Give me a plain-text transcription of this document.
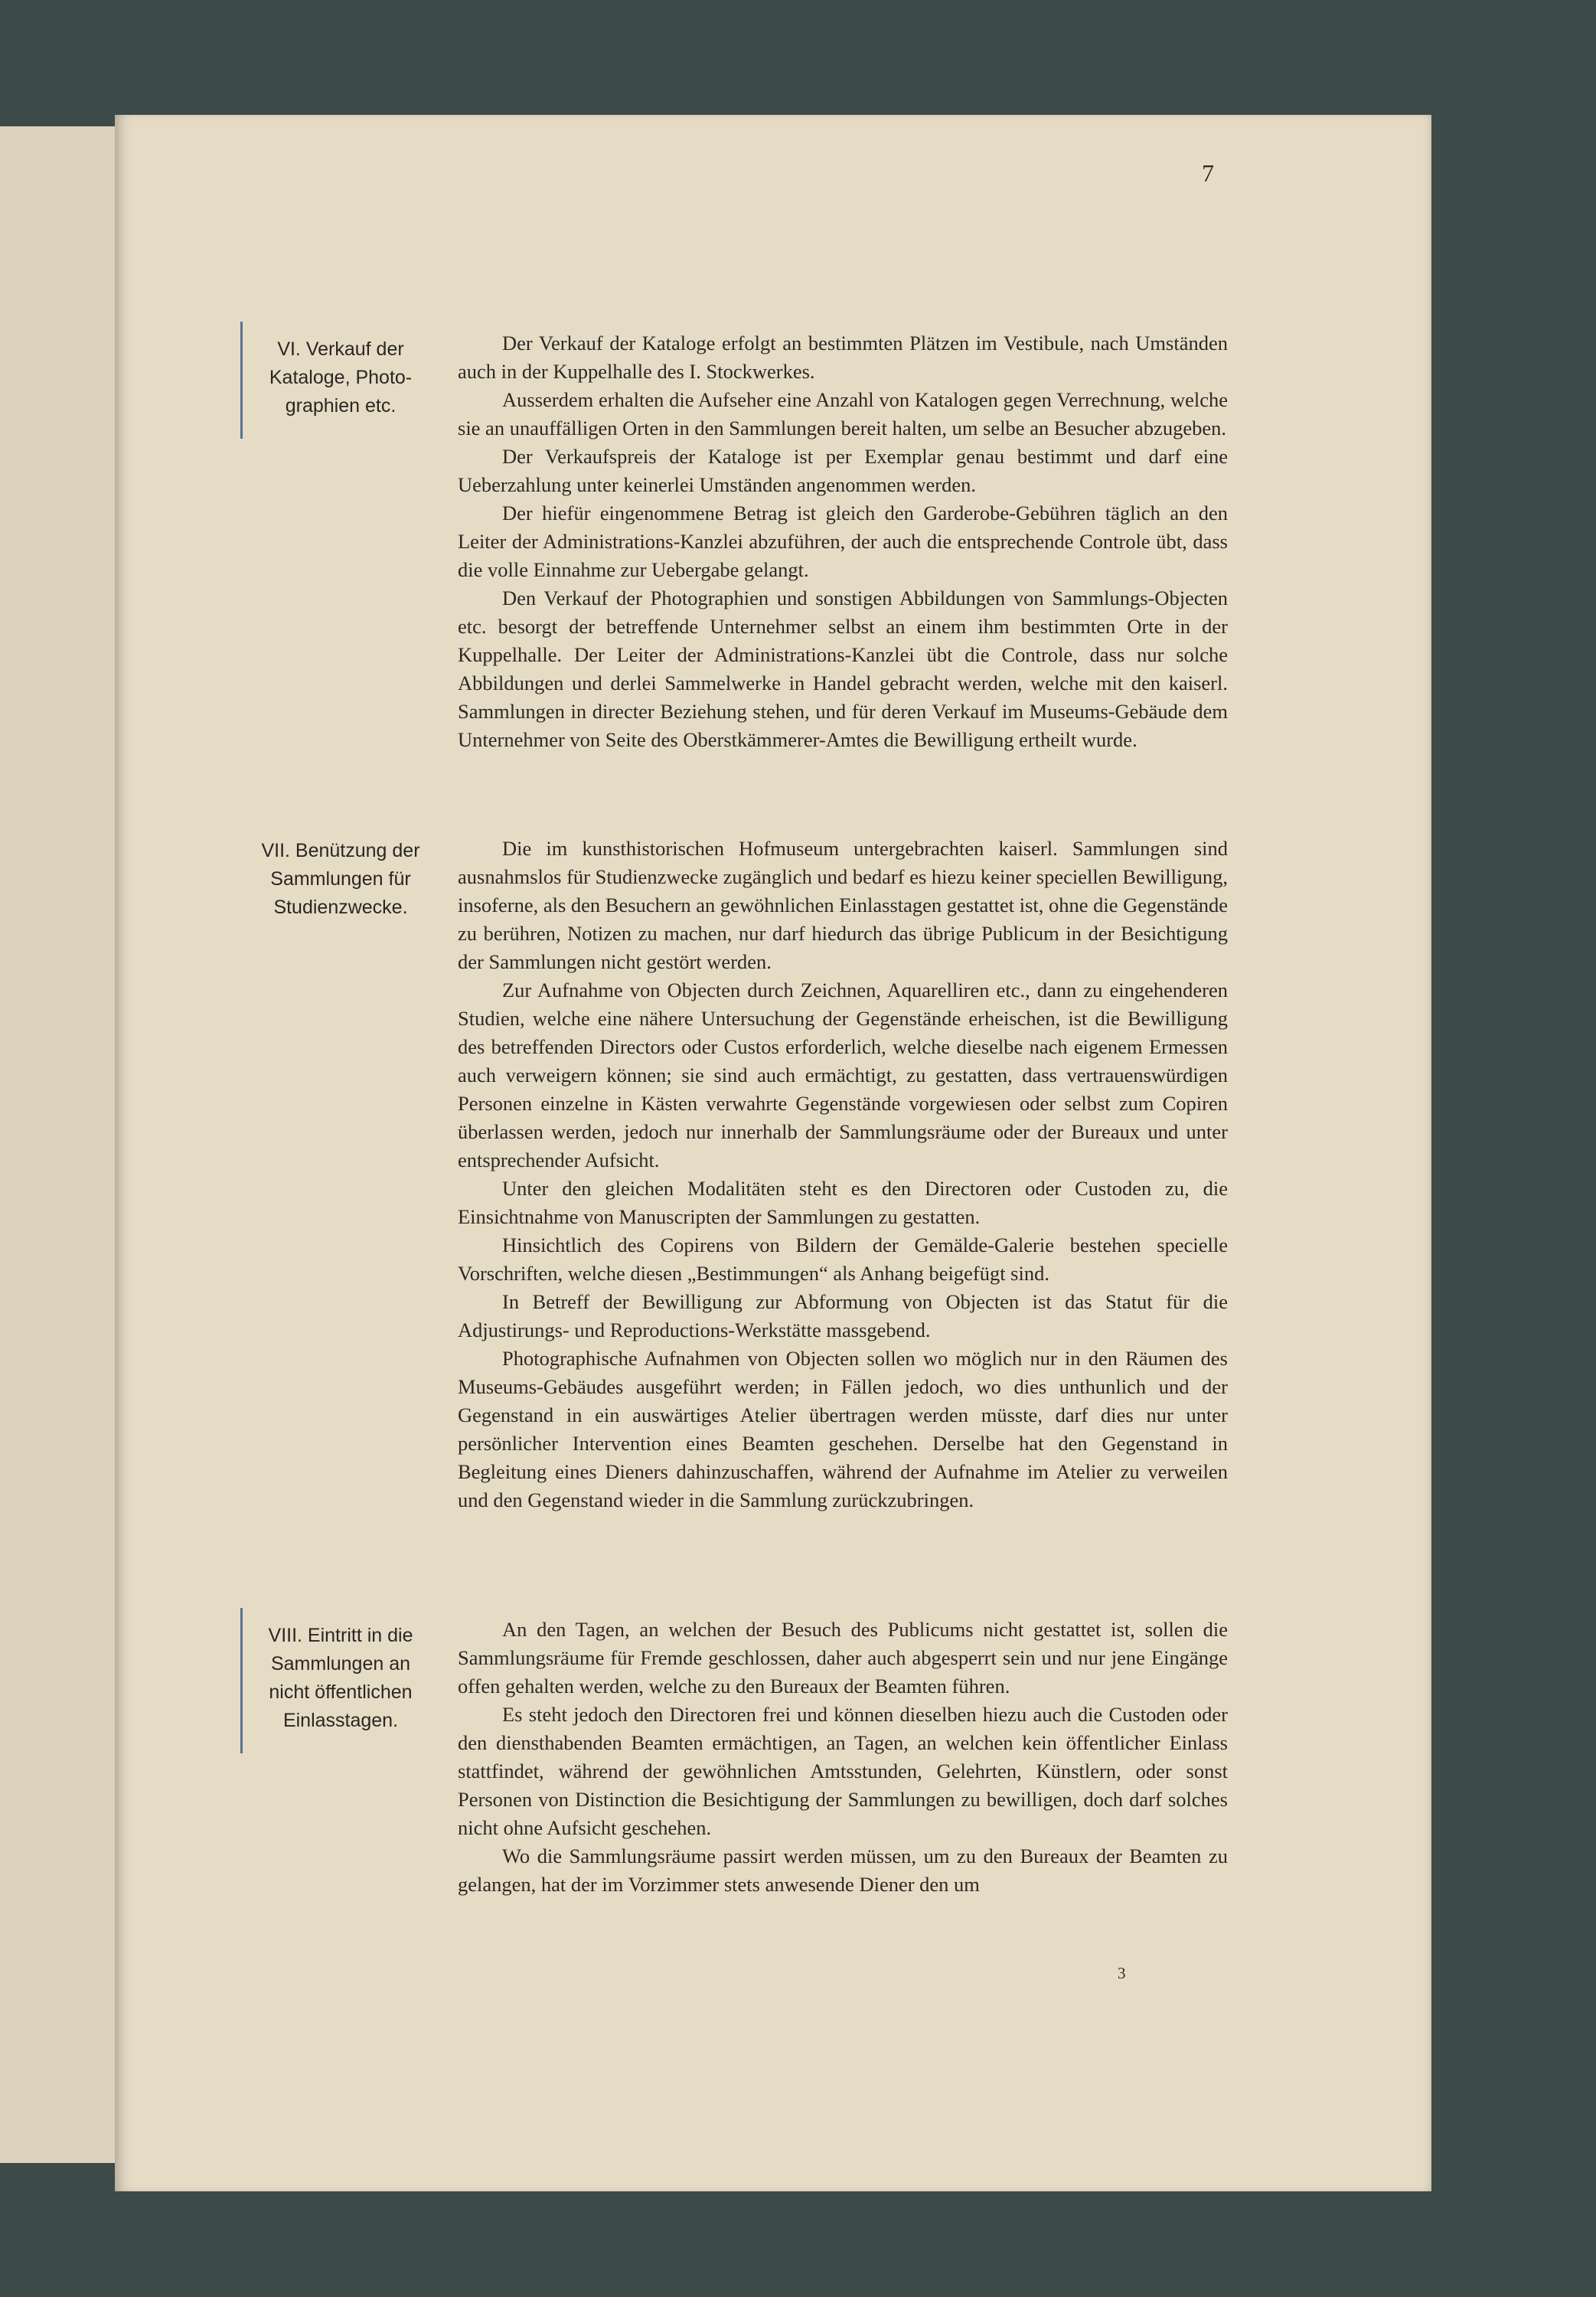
7
VI. Verkauf der
Kataloge, Photo-
graphien etc.

Der Verkauf der Kataloge erfolgt an bestimmten Plätzen im Vestibule, nach Umständen auch in der Kuppelhalle des I. Stockwerkes.

Ausserdem erhalten die Aufseher eine Anzahl von Katalogen gegen Verrechnung, welche sie an unauffälligen Orten in den Sammlungen bereit halten, um selbe an Besucher abzugeben.

Der Verkaufspreis der Kataloge ist per Exemplar genau bestimmt und darf eine Ueberzahlung unter keinerlei Umständen angenommen werden.

Der hiefür eingenommene Betrag ist gleich den Garderobe-Gebühren täglich an den Leiter der Administrations-Kanzlei abzuführen, der auch die entsprechende Controle übt, dass die volle Einnahme zur Uebergabe gelangt.

Den Verkauf der Photographien und sonstigen Abbildungen von Sammlungs-Objecten etc. besorgt der betreffende Unternehmer selbst an einem ihm bestimmten Orte in der Kuppelhalle. Der Leiter der Administrations-Kanzlei übt die Controle, dass nur solche Abbildungen und derlei Sammelwerke in Handel gebracht werden, welche mit den kaiserl. Sammlungen in directer Beziehung stehen, und für deren Verkauf im Museums-Gebäude dem Unternehmer von Seite des Oberstkämmerer-Amtes die Bewilligung ertheilt wurde.

VII. Benützung der
Sammlungen für
Studienzwecke.

Die im kunsthistorischen Hofmuseum untergebrachten kaiserl. Sammlungen sind ausnahmslos für Studienzwecke zugänglich und bedarf es hiezu keiner speciellen Bewilligung, insoferne, als den Besuchern an gewöhnlichen Einlasstagen gestattet ist, ohne die Gegenstände zu berühren, Notizen zu machen, nur darf hiedurch das übrige Publicum in der Besichtigung der Sammlungen nicht gestört werden.

Zur Aufnahme von Objecten durch Zeichnen, Aquarelliren etc., dann zu eingehenderen Studien, welche eine nähere Untersuchung der Gegenstände erheischen, ist die Bewilligung des betreffenden Directors oder Custos erforderlich, welche dieselbe nach eigenem Ermessen auch verweigern können; sie sind auch ermächtigt, zu gestatten, dass vertrauenswürdigen Personen einzelne in Kästen verwahrte Gegenstände vorgewiesen oder selbst zum Copiren überlassen werden, jedoch nur innerhalb der Sammlungsräume oder der Bureaux und unter entsprechender Aufsicht.

Unter den gleichen Modalitäten steht es den Directoren oder Custoden zu, die Einsichtnahme von Manuscripten der Sammlungen zu gestatten.

Hinsichtlich des Copirens von Bildern der Gemälde-Galerie bestehen specielle Vorschriften, welche diesen „Bestimmungen“ als Anhang beigefügt sind.

In Betreff der Bewilligung zur Abformung von Objecten ist das Statut für die Adjustirungs- und Reproductions-Werkstätte massgebend.

Photographische Aufnahmen von Objecten sollen wo möglich nur in den Räumen des Museums-Gebäudes ausgeführt werden; in Fällen jedoch, wo dies unthunlich und der Gegenstand in ein auswärtiges Atelier übertragen werden müsste, darf dies nur unter persönlicher Intervention eines Beamten geschehen. Derselbe hat den Gegenstand in Begleitung eines Dieners dahinzuschaffen, während der Aufnahme im Atelier zu verweilen und den Gegenstand wieder in die Sammlung zurückzubringen.

VIII. Eintritt in die
Sammlungen an
nicht öffentlichen
Einlasstagen.

An den Tagen, an welchen der Besuch des Publicums nicht gestattet ist, sollen die Sammlungsräume für Fremde geschlossen, daher auch abgesperrt sein und nur jene Eingänge offen gehalten werden, welche zu den Bureaux der Beamten führen.

Es steht jedoch den Directoren frei und können dieselben hiezu auch die Custoden oder den diensthabenden Beamten ermächtigen, an Tagen, an welchen kein öffentlicher Einlass stattfindet, während der gewöhnlichen Amtsstunden, Gelehrten, Künstlern, oder sonst Personen von Distinction die Besichtigung der Sammlungen zu bewilligen, doch darf solches nicht ohne Aufsicht geschehen.

Wo die Sammlungsräume passirt werden müssen, um zu den Bureaux der Beamten zu gelangen, hat der im Vorzimmer stets anwesende Diener den um

3
